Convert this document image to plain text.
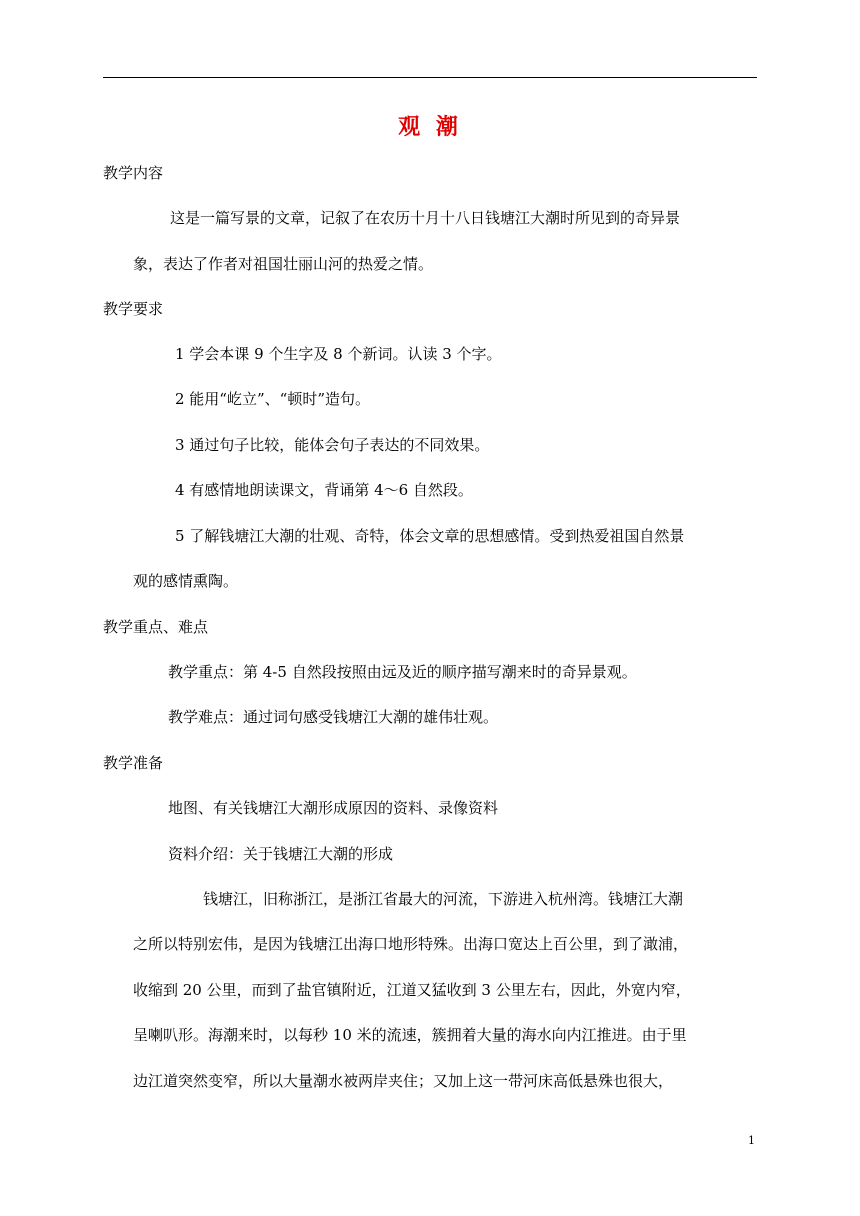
观 潮
教学内容
这是一篇写景的文章，记叙了在农历十月十八日钱塘江大潮时所见到的奇异景
象，表达了作者对祖国壮丽山河的热爱之情。
教学要求
1 学会本课 9 个生字及 8 个新词。认读 3 个字。
2 能用“屹立”、“顿时”造句。
3 通过句子比较，能体会句子表达的不同效果。
4 有感情地朗读课文，背诵第 4～6 自然段。
5 了解钱塘江大潮的壮观、奇特，体会文章的思想感情。受到热爱祖国自然景
观的感情熏陶。
教学重点、难点
教学重点：第 4-5 自然段按照由远及近的顺序描写潮来时的奇异景观。
教学难点：通过词句感受钱塘江大潮的雄伟壮观。
教学准备
地图、有关钱塘江大潮形成原因的资料、录像资料
资料介绍：关于钱塘江大潮的形成
钱塘江，旧称浙江，是浙江省最大的河流，下游进入杭州湾。钱塘江大潮
之所以特别宏伟，是因为钱塘江出海口地形特殊。出海口宽达上百公里，到了澉浦，
收缩到 20 公里，而到了盐官镇附近，江道又猛收到 3 公里左右，因此，外宽内窄，
呈喇叭形。海潮来时，以每秒 10 米的流速，簇拥着大量的海水向内江推进。由于里
边江道突然变窄，所以大量潮水被两岸夹住；又加上这一带河床高低悬殊也很大，
1
